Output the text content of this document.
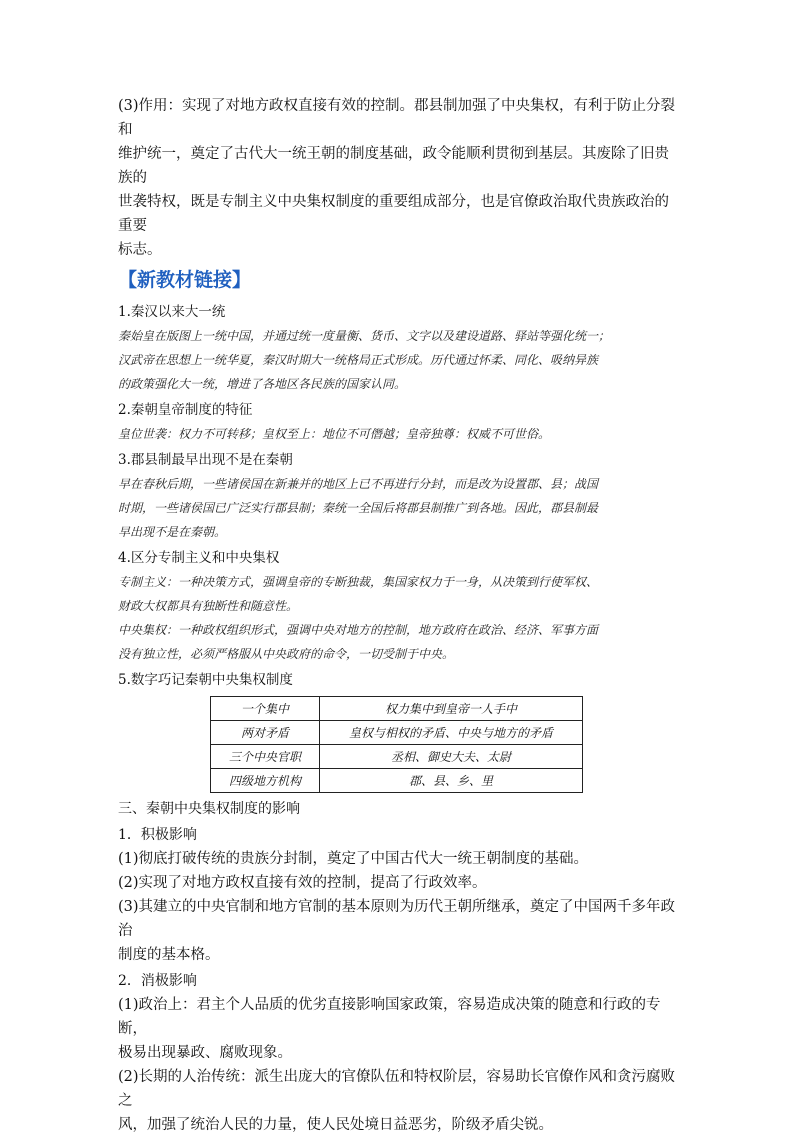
(3)作用：实现了对地方政权直接有效的控制。郡县制加强了中央集权，有利于防止分裂和

维护统一，奠定了古代大一统王朝的制度基础，政令能顺利贯彻到基层。其废除了旧贵族的

世袭特权，既是专制主义中央集权制度的重要组成部分，也是官僚政治取代贵族政治的重要

标志。

【新教材链接】

1.秦汉以来大一统

秦始皇在版图上一统中国，并通过统一度量衡、货币、文字以及建设道路、驿站等强化统一；

汉武帝在思想上一统华夏，秦汉时期大一统格局正式形成。历代通过怀柔、同化、吸纳异族

的政策强化大一统，增进了各地区各民族的国家认同。

2.秦朝皇帝制度的特征

皇位世袭：权力不可转移；皇权至上：地位不可僭越；皇帝独尊：权威不可世俗。

3.郡县制最早出现不是在秦朝

早在春秋后期，一些诸侯国在新兼并的地区上已不再进行分封，而是改为设置郡、县；战国

时期，一些诸侯国已广泛实行郡县制；秦统一全国后将郡县制推广到各地。因此，郡县制最

早出现不是在秦朝。

4.区分专制主义和中央集权

专制主义：一种决策方式，强调皇帝的专断独裁，集国家权力于一身，从决策到行使军权、

财政大权都具有独断性和随意性。

中央集权：一种政权组织形式，强调中央对地方的控制，地方政府在政治、经济、军事方面

没有独立性，必须严格服从中央政府的命令，一切受制于中央。

5.数字巧记秦朝中央集权制度

一个集中	权力集中到皇帝一人手中
两对矛盾	皇权与相权的矛盾、中央与地方的矛盾
三个中央官职	丞相、御史大夫、太尉
四级地方机构	郡、县、乡、里

三、秦朝中央集权制度的影响

1．积极影响

(1)彻底打破传统的贵族分封制，奠定了中国古代大一统王朝制度的基础。

(2)实现了对地方政权直接有效的控制，提高了行政效率。

(3)其建立的中央官制和地方官制的基本原则为历代王朝所继承，奠定了中国两千多年政治

制度的基本格。

2．消极影响

(1)政治上：君主个人品质的优劣直接影响国家政策，容易造成决策的随意和行政的专断，

极易出现暴政、腐败现象。

(2)长期的人治传统：派生出庞大的官僚队伍和特权阶层，容易助长官僚作风和贪污腐败之

风，加强了统治人民的力量，使人民处境日益恶劣，阶级矛盾尖锐。
